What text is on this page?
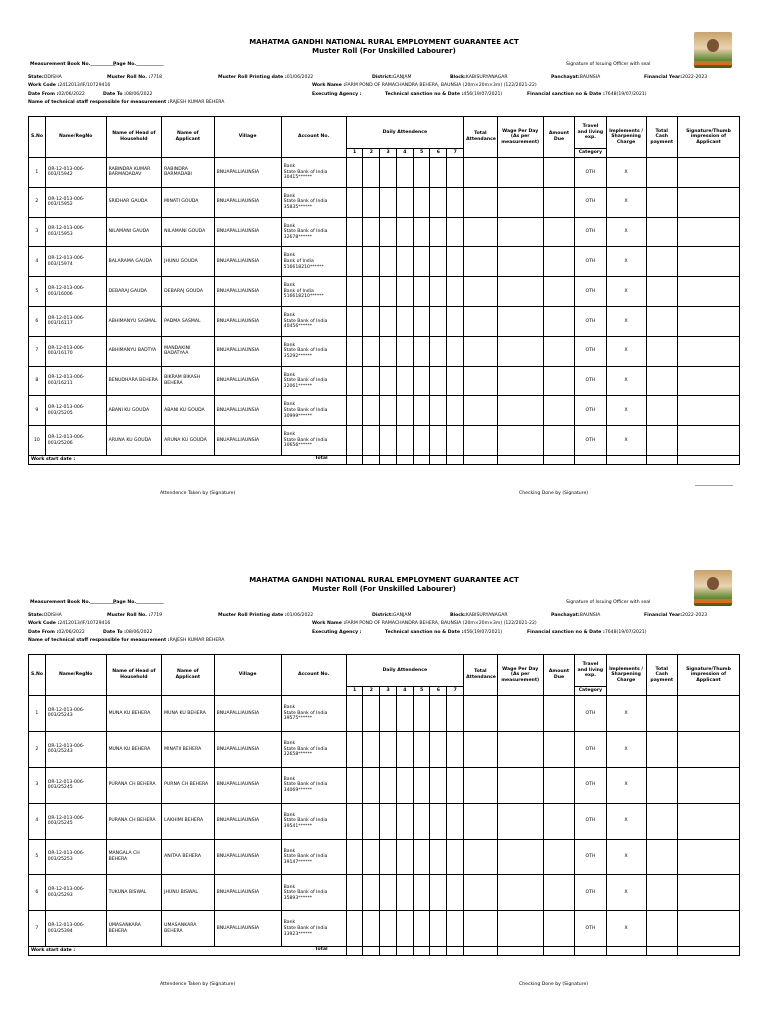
MAHATMA GANDHI NATIONAL RURAL EMPLOYMENT GUARANTEE ACT
Muster Roll (For Unskilled Labourer)
Measurement Book No.___________
Page No.____________	Signature of Issuing Officer with seal
State:ODISHA	Muster Roll No. :7718	Muster Roll Printing date :01/06/2022	District:GANJAM	Block:KABISURYANAGAR	Panchayat:BAUNSIA	Financial Year:2022-2023
Work Code :2412013/IF/10729416	Work Name :FARM POND OF RAMACHANDRA BEHERA, BAUNSIA (20m×20m×3m) (122/2021-22)
Date From :02/06/2022	Date To :08/06/2022	Executing Agency :	Technical sanction no & Date :456(19/07/2021)	Financial sanction no & Date :7648(19/07/2021)
Name of technical staff responsible for measurement :RAJESH KUMAR BEHERA
S.No	Name/RegNo	Name of Head of Household	Name of Applicant	Village	Account No.	Daily Attendence							Total Attendance	Wage Per Day (As per measurement)	Amount Due	Travel and living exp.	Implements / Sharpening Charge	Total Cash payment	Signature/Thumb impression of Applicant
						1	2	3	4	5	6	7				Category			
1	OR-12-013-006-003/15942	RABINDRA KUMAR BARMADADAV	RABINDRA BARMADABI	BNUAPALLIAUNSIA	Bank
State Bank of India
30415******											OTH	X		
2	OR-12-013-006-003/15952	SRIDHAR GAUDA	MINATI GOUDA	BNUAPALLIAUNSIA	Bank
State Bank of India
35835******											OTH	X		
3	OR-12-013-006-003/15953	NILAMANI GAUDA	NILAMANI GOUDA	BNUAPALLIAUNSIA	Bank
State Bank of India
32678******											OTH	X		
4	OR-12-013-006-003/15974	BALARAMA GAUDA	JHUNU GOUDA	BNUAPALLIAUNSIA	Bank
Bank of India
516618210******											OTH	X		
5	OR-12-013-006-003/16006	DEBARAJ GAUDA	DEBARAJ GOUDA	BNUAPALLIAUNSIA	Bank
Bank of India
516618210******											OTH	X		
6	OR-12-013-006-003/16117	ABHIMANYU SASMAL	PADMA SASMAL	BNUAPALLIAUNSIA	Bank
State Bank of India
40456******											OTH	X		
7	OR-12-013-006-003/16170	ABHIMANYU BADTYA	MANDAKINI BADATYAA	BNUAPALLIAUNSIA	Bank
State Bank of India
35292******											OTH	X		
8	OR-12-013-006-003/16211	BENUDHARA BEHERA	BIKRAM BIKASH BEHERA	BNUAPALLIAUNSIA	Bank
State Bank of India
32061******											OTH	X		
9	OR-12-013-006-003/25205	ABANI KU GOUDA	ABANI KU GOUDA	BNUAPALLIAUNSIA	Bank
State Bank of India
30999******											OTH	X		
10	OR-12-013-006-003/25206	ARUNA KU GOUDA	ARUNA KU GOUDA	BNUAPALLIAUNSIA	Bank
State Bank of India
30656******											OTH	X		
Work start date :																				Total
Attendence Taken by (Signature)	Checking Done by (Signature)
MAHATMA GANDHI NATIONAL RURAL EMPLOYMENT GUARANTEE ACT
Muster Roll (For Unskilled Labourer)
Measurement Book No.___________
Page No.____________	Signature of Issuing Officer with seal
State:ODISHA	Muster Roll No. :7719	Muster Roll Printing date :01/06/2022	District:GANJAM	Block:KABISURYANAGAR	Panchayat:BAUNSIA	Financial Year:2022-2023
Work Code :2412013/IF/10729416	Work Name :FARM POND OF RAMACHANDRA BEHERA, BAUNSIA (20m×20m×3m) (122/2021-22)
Date From :02/06/2022	Date To :08/06/2022	Executing Agency :	Technical sanction no & Date :456(19/07/2021)	Financial sanction no & Date :7648(19/07/2021)
Name of technical staff responsible for measurement :RAJESH KUMAR BEHERA
S.No	Name/RegNo	Name of Head of Household	Name of Applicant	Village	Account No.	Daily Attendence							Total Attendance	Wage Per Day (As per measurement)	Amount Due	Travel and living exp.	Implements / Sharpening Charge	Total Cash payment	Signature/Thumb impression of Applicant
						1	2	3	4	5	6	7				Category			
1	OR-12-013-006-003/25243	MUNA KU BEHERA	MUNA KU BEHERA	BNUAPALLIAUNSIA	Bank
State Bank of India
39575******											OTH	X		
2	OR-12-013-006-003/25243	MUNA KU BEHERA	MINATII BEHERA	BNUAPALLIAUNSIA	Bank
State Bank of India
32658******											OTH	X		
3	OR-12-013-006-003/25245	PURANA CH BEHERA	PURNA CH BEHERA	BNUAPALLIAUNSIA	Bank
State Bank of India
34069******											OTH	X		
4	OR-12-013-006-003/25245	PURANA CH BEHERA	LAKHIMI BEHERA	BNUAPALLIAUNSIA	Bank
State Bank of India
39541******											OTH	X		
5	OR-12-013-006-003/25253	MANGALA CH BEHERA	ANITAA BEHERA	BNUAPALLIAUNSIA	Bank
State Bank of India
39147******											OTH	X		
6	OR-12-013-006-003/25293	TUKUNA BISWAL	JHUNU BISWAL	BNUAPALLIAUNSIA	Bank
State Bank of India
35893******											OTH	X		
7	OR-12-013-006-003/25394	UMASANKARA BEHERA	UMASANKARA BEHERA	BNUAPALLIAUNSIA	Bank
State Bank of India
33923******											OTH	X		
Work start date :																				Total
Attendence Taken by (Signature)	Checking Done by (Signature)
